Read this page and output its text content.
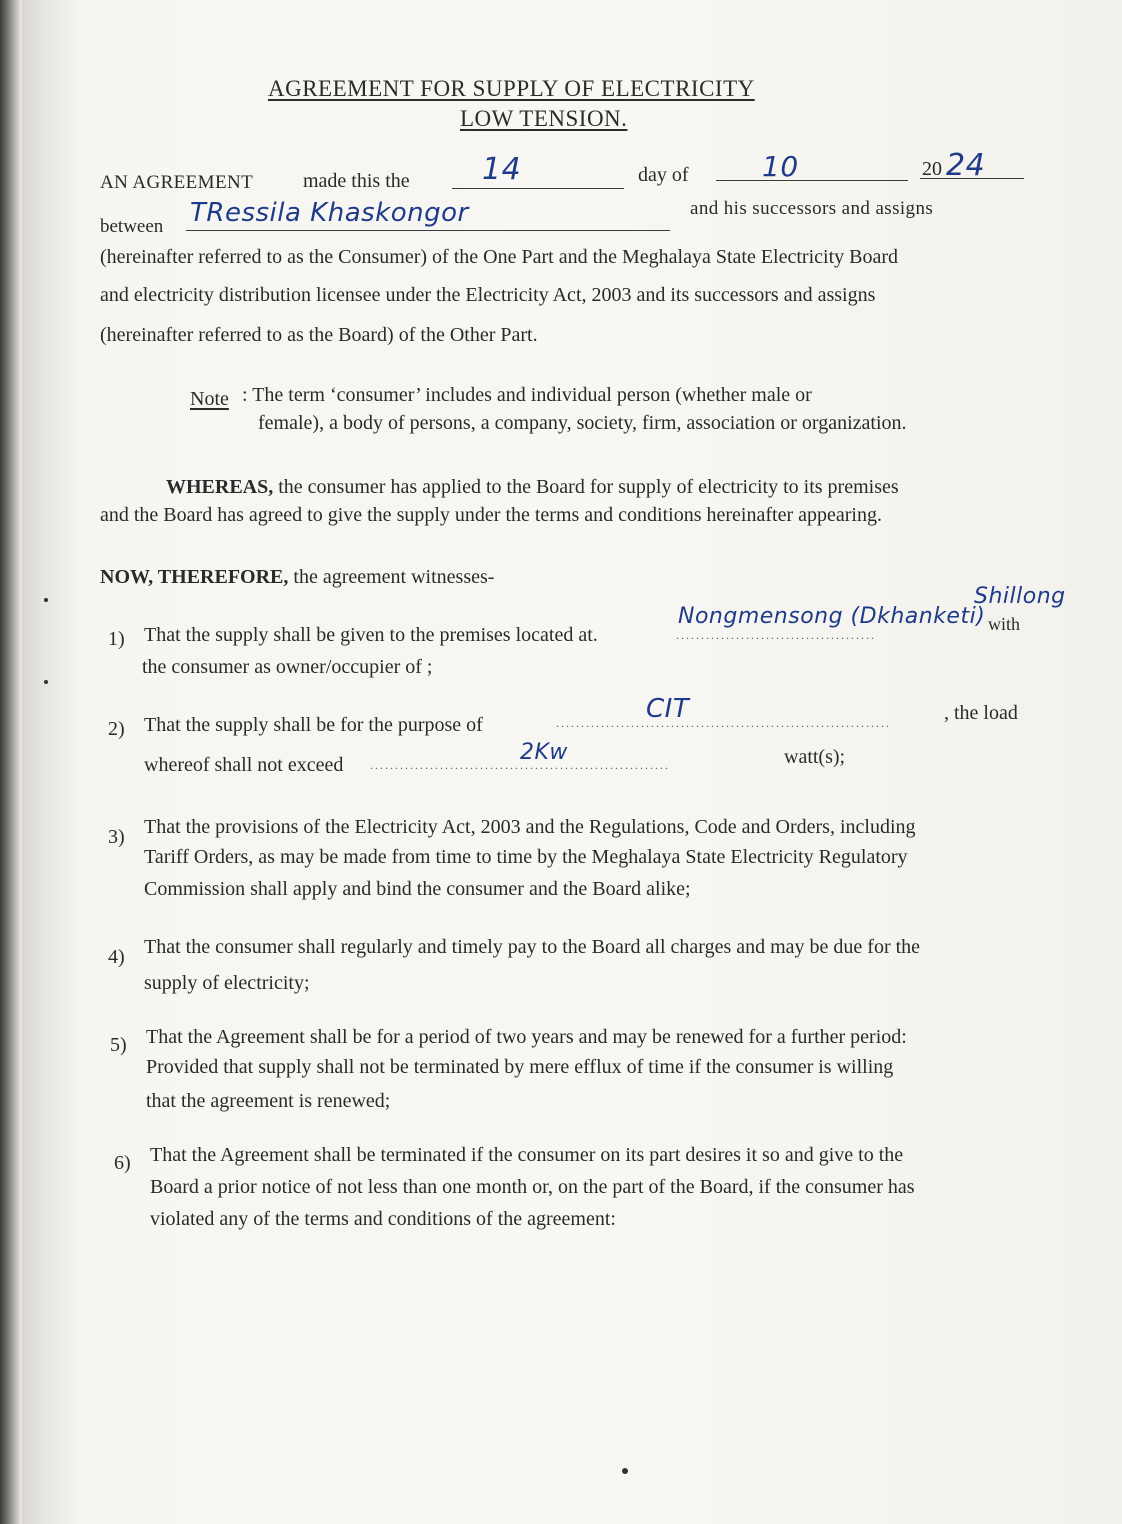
AGREEMENT FOR SUPPLY OF ELECTRICITY
LOW TENSION.
AN AGREEMENT made this the 14	day of	10	20 24
between TRessila Khaskongor	and his successors and assigns
(hereinafter referred to as the Consumer) of the One Part and the Meghalaya State Electricity Board
and electricity distribution licensee under the Electricity Act, 2003 and its successors and assigns
(hereinafter referred to as the Board) of the Other Part.
Note : The term ‘consumer’ includes and individual person (whether male or
female), a body of persons, a company, society, firm, association or organization.
WHEREAS, the consumer has applied to the Board for supply of electricity to its premises
and the Board has agreed to give the supply under the terms and conditions hereinafter appearing.
NOW, THEREFORE, the agreement witnesses-
1) That the supply shall be given to the premises located at.	........................................
Nongmensong (Dkhanketi)
Shillong
with
the consumer as owner/occupier of ;
2) That the supply shall be for the purpose of	...................................................................
CIT	, the load
whereof shall not exceed ............................................................
2Kw	watt(s);
3) That the provisions of the Electricity Act, 2003 and the Regulations, Code and Orders, including
Tariff Orders, as may be made from time to time by the Meghalaya State Electricity Regulatory
Commission shall apply and bind the consumer and the Board alike;
4) That the consumer shall regularly and timely pay to the Board all charges and may be due for the
supply of electricity;
5) That the Agreement shall be for a period of two years and may be renewed for a further period:
Provided that supply shall not be terminated by mere efflux of time if the consumer is willing
that the agreement is renewed;
6) That the Agreement shall be terminated if the consumer on its part desires it so and give to the
Board a prior notice of not less than one month or, on the part of the Board, if the consumer has
violated any of the terms and conditions of the agreement:
